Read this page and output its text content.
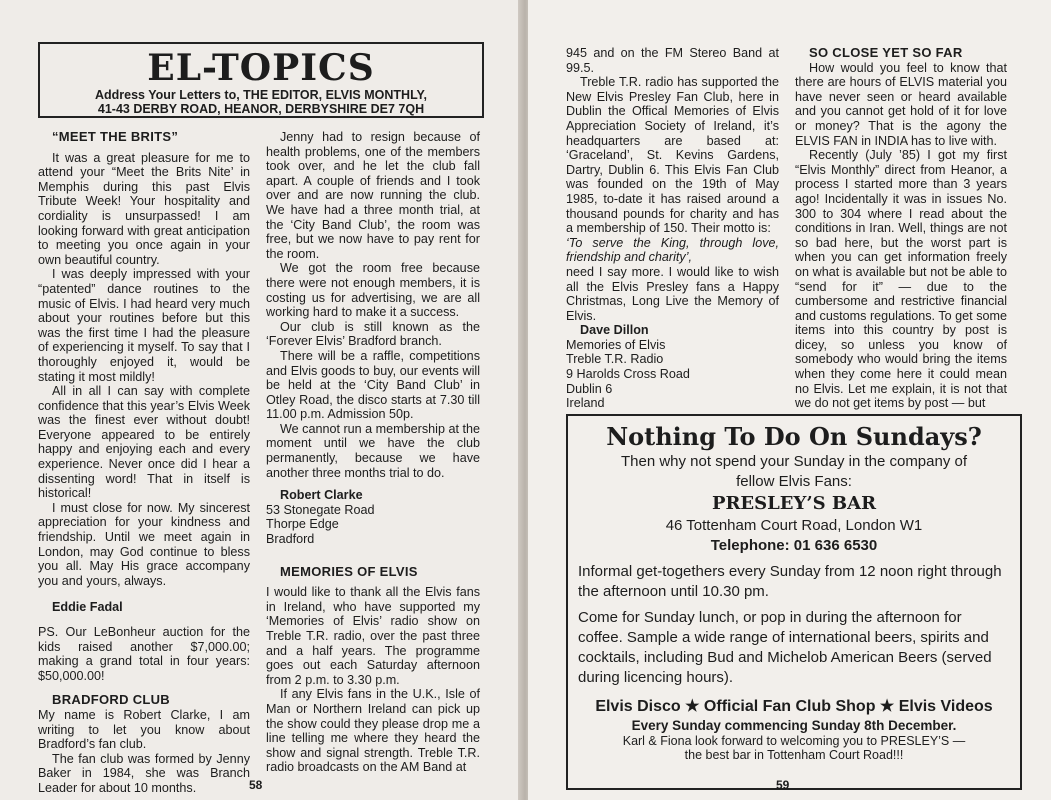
EL-TOPICS
Address Your Letters to, THE EDITOR, ELVIS MONTHLY,
41-43 DERBY ROAD, HEANOR, DERBYSHIRE DE7 7QH

“MEET THE BRITS”

It was a great pleasure for me to attend your “Meet the Brits Nite’ in Memphis during this past Elvis Tribute Week! Your hospitality and cordiality is unsurpassed! I am looking forward with great anticipation to meeting you once again in your own beautiful country.

I was deeply impressed with your “patented” dance routines to the music of Elvis. I had heard very much about your routines before but this was the first time I had the pleasure of experiencing it myself. To say that I thoroughly enjoyed it, would be stating it most mildly!

All in all I can say with complete confidence that this year’s Elvis Week was the finest ever without doubt! Everyone appeared to be entirely happy and enjoying each and every experience. Never once did I hear a dissenting word! That in itself is historical!

I must close for now. My sincerest appreciation for your kindness and friendship. Until we meet again in London, may God continue to bless you all. May His grace accompany you and yours, always.

Eddie Fadal

PS. Our LeBonheur auction for the kids raised another $7,000.00; making a grand total in four years: $50,000.00!

BRADFORD CLUB

My name is Robert Clarke, I am writing to let you know about Bradford’s fan club.

The fan club was formed by Jenny Baker in 1984, she was Branch Leader for about 10 months.

Jenny had to resign because of health problems, one of the members took over, and he let the club fall apart. A couple of friends and I took over and are now running the club. We have had a three month trial, at the ‘City Band Club’, the room was free, but we now have to pay rent for the room.

We got the room free because there were not enough members, it is costing us for advertising, we are all working hard to make it a success.

Our club is still known as the ‘Forever Elvis’ Bradford branch.

There will be a raffle, competitions and Elvis goods to buy, our events will be held at the ‘City Band Club’ in Otley Road, the disco starts at 7.30 till 11.00 p.m. Admission 50p.

We cannot run a membership at the moment until we have the club permanently, because we have another three months trial to do.

Robert Clarke

53 Stonegate Road
Thorpe Edge
Bradford

MEMORIES OF ELVIS

I would like to thank all the Elvis fans in Ireland, who have supported my ‘Memories of Elvis’ radio show on Treble T.R. radio, over the past three and a half years. The programme goes out each Saturday afternoon from 2 p.m. to 3.30 p.m.

If any Elvis fans in the U.K., Isle of Man or Northern Ireland can pick up the show could they please drop me a line telling me where they heard the show and signal strength. Treble T.R. radio broadcasts on the AM Band at

58

945 and on the FM Stereo Band at 99.5.

Treble T.R. radio has supported the New Elvis Presley Fan Club, here in Dublin the Offical Memories of Elvis Appreciation Society of Ireland, it’s headquarters are based at: ‘Graceland’, St. Kevins Gardens, Dartry, Dublin 6. This Elvis Fan Club was founded on the 19th of May 1985, to-date it has raised around a thousand pounds for charity and has a membership of 150. Their motto is:

‘To serve the King, through love, friendship and charity’,

need I say more. I would like to wish all the Elvis Presley fans a Happy Christmas, Long Live the Memory of Elvis.

Dave Dillon

Memories of Elvis
Treble T.R. Radio
9 Harolds Cross Road
Dublin 6
Ireland

SO CLOSE YET SO FAR

How would you feel to know that there are hours of ELVIS material you have never seen or heard available and you cannot get hold of it for love or money? That is the agony the ELVIS FAN in INDIA has to live with.

Recently (July ’85) I got my first “Elvis Monthly” direct from Heanor, a process I started more than 3 years ago! Incidentally it was in issues No. 300 to 304 where I read about the conditions in Iran. Well, things are not so bad here, but the worst part is when you can get information freely on what is available but not be able to “send for it” — due to the cumbersome and restrictive financial and customs regulations. To get some items into this country by post is dicey, so unless you know of somebody who would bring the items when they come here it could mean no Elvis. Let me explain, it is not that we do not get items by post — but

Nothing To Do On Sundays?
Then why not spend your Sunday in the company of
fellow Elvis Fans:
PRESLEY’S BAR
46 Tottenham Court Road, London W1
Telephone: 01 636 6530
Informal get-togethers every Sunday from 12 noon right through the afternoon until 10.30 pm.
Come for Sunday lunch, or pop in during the afternoon for coffee. Sample a wide range of international beers, spirits and cocktails, including Bud and Michelob American Beers (served during licencing hours).
Elvis Disco ★ Official Fan Club Shop ★ Elvis Videos
Every Sunday commencing Sunday 8th December.
Karl & Fiona look forward to welcoming you to PRESLEY’S —
the best bar in Tottenham Court Road!!!
59
